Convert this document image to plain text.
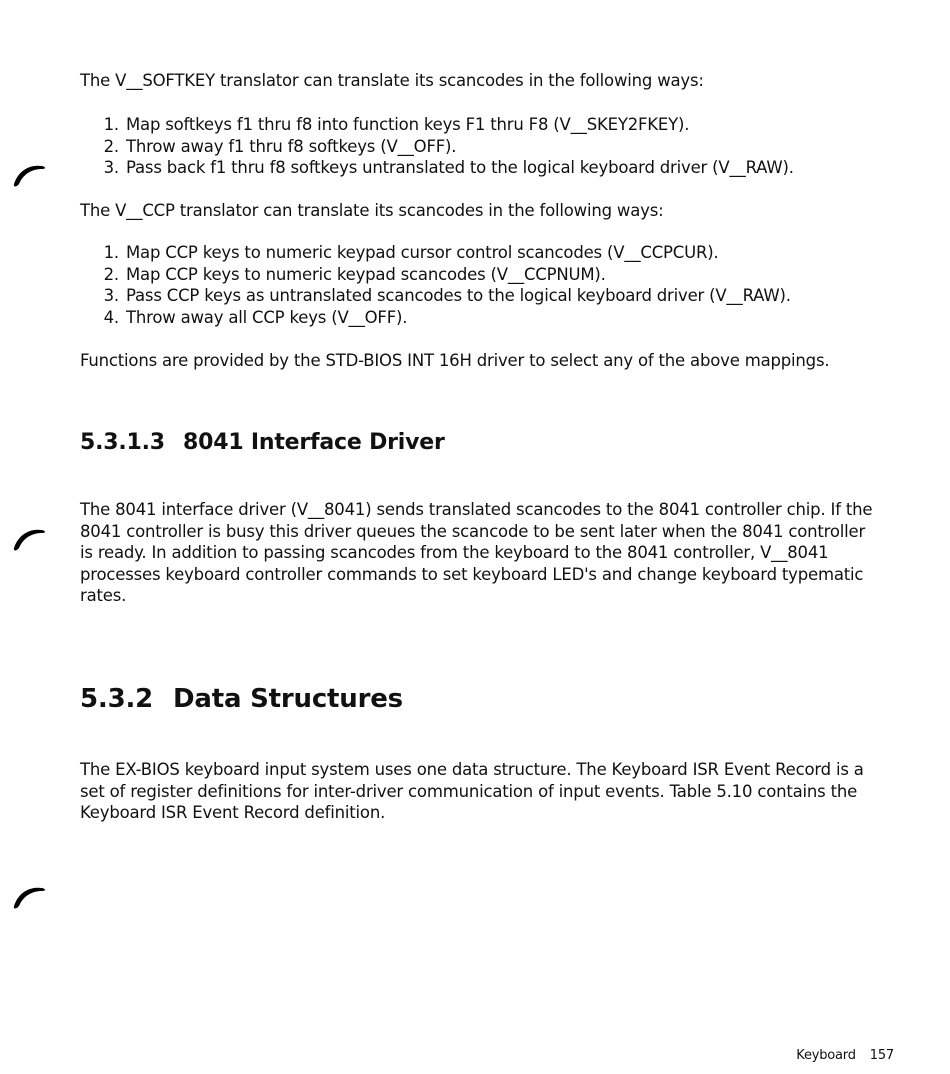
The V__SOFTKEY translator can translate its scancodes in the following ways:

1. Map softkeys f1 thru f8 into function keys F1 thru F8 (V__SKEY2FKEY).
2. Throw away f1 thru f8 softkeys (V__OFF).
3. Pass back f1 thru f8 softkeys untranslated to the logical keyboard driver (V__RAW).

The V__CCP translator can translate its scancodes in the following ways:

1. Map CCP keys to numeric keypad cursor control scancodes (V__CCPCUR).
2. Map CCP keys to numeric keypad scancodes (V__CCPNUM).
3. Pass CCP keys as untranslated scancodes to the logical keyboard driver (V__RAW).
4. Throw away all CCP keys (V__OFF).

Functions are provided by the STD-BIOS INT 16H driver to select any of the above mappings.

5.3.1.3 8041 Interface Driver

The 8041 interface driver (V__8041) sends translated scancodes to the 8041 controller chip. If the 8041 controller is busy this driver queues the scancode to be sent later when the 8041 controller is ready. In addition to passing scancodes from the keyboard to the 8041 controller, V__8041 processes keyboard controller commands to set keyboard LED's and change keyboard typematic rates.

5.3.2 Data Structures

The EX-BIOS keyboard input system uses one data structure. The Keyboard ISR Event Record is a set of register definitions for inter-driver communication of input events. Table 5.10 contains the Keyboard ISR Event Record definition.

Keyboard 157
